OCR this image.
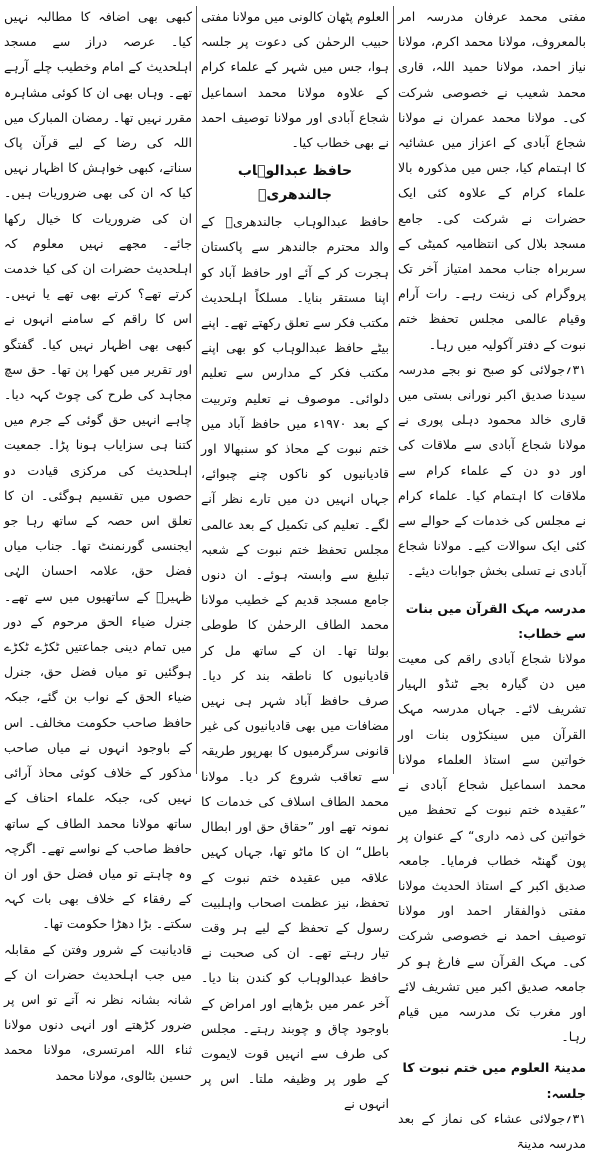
مفتی محمد عرفان مدرسہ امر بالمعروف، مولانا محمد اکرم، مولانا نیاز احمد، مولانا حمید اللہ، قاری محمد شعیب نے خصوصی شرکت کی۔ مولانا محمد عمران نے مولانا شجاع آبادی کے اعزاز میں عشائیہ کا اہتمام کیا، جس میں مذکورہ بالا علماء کرام کے علاوہ کئی ایک حضرات نے شرکت کی۔ جامع مسجد بلال کی انتظامیہ کمیٹی کے سربراہ جناب محمد امتیاز آخر تک پروگرام کی زینت رہے۔ رات آرام وقیام عالمی مجلس تحفظ ختم نبوت کے دفتر آکولیہ میں رہا۔

۳۱؍جولائی کو صبح نو بجے مدرسہ سیدنا صدیق اکبر نورانی بستی میں قاری خالد محمود دہلی پوری نے مولانا شجاع آبادی سے ملاقات کی اور دو دن کے علماء کرام سے ملاقات کا اہتمام کیا۔ علماء کرام نے مجلس کی خدمات کے حوالے سے کئی ایک سوالات کیے۔ مولانا شجاع آبادی نے تسلی بخش جوابات دیئے۔

مدرسہ مہک القرآن میں بنات سے خطاب:

مولانا شجاع آبادی راقم کی معیت میں دن گیارہ بجے ٹنڈو الہیار تشریف لائے۔ جہاں مدرسہ مہک القرآن میں سینکڑوں بنات اور خواتین سے استاذ العلماء مولانا محمد اسماعیل شجاع آبادی نے ”عقیدہ ختم نبوت کے تحفظ میں خواتین کی ذمہ داری“ کے عنوان پر پون گھنٹہ خطاب فرمایا۔ جامعہ صدیق اکبر کے استاذ الحدیث مولانا مفتی ذوالفقار احمد اور مولانا توصیف احمد نے خصوصی شرکت کی۔ مہک القرآن سے فارغ ہو کر جامعہ صدیق اکبر میں تشریف لائے اور مغرب تک مدرسہ میں قیام رہا۔

مدینۃ العلوم میں ختم نبوت کا جلسہ:

۳۱؍جولائی عشاء کی نماز کے بعد مدرسہ مدینۃ

العلوم پٹھان کالونی میں مولانا مفتی حبیب الرحمٰن کی دعوت پر جلسہ ہوا، جس میں شہر کے علماء کرام کے علاوہ مولانا محمد اسماعیل شجاع آبادی اور مولانا توصیف احمد نے بھی خطاب کیا۔

حافظ عبدالوہاب جالندھریؒ

حافظ عبدالوہاب جالندھریؒ کے والد محترم جالندھر سے پاکستان ہجرت کر کے آئے اور حافظ آباد کو اپنا مستقر بنایا۔ مسلکاً اہلحدیث مکتب فکر سے تعلق رکھتے تھے۔ اپنے بیٹے حافظ عبدالوہاب کو بھی اپنے مکتب فکر کے مدارس سے تعلیم دلوائی۔ موصوف نے تعلیم وتربیت کے بعد ۱۹۷۰ء میں حافظ آباد میں ختم نبوت کے محاذ کو سنبھالا اور قادیانیوں کو ناکوں چنے چبوائے، جہاں انہیں دن میں تارے نظر آنے لگے۔ تعلیم کی تکمیل کے بعد عالمی مجلس تحفظ ختم نبوت کے شعبہ تبلیغ سے وابستہ ہوئے۔ ان دنوں جامع مسجد قدیم کے خطیب مولانا محمد الطاف الرحمٰن کا طوطی بولتا تھا۔ ان کے ساتھ مل کر قادیانیوں کا ناطقہ بند کر دیا۔ صرف حافظ آباد شہر ہی نہیں مضافات میں بھی قادیانیوں کی غیر قانونی سرگرمیوں کا بھرپور طریقہ سے تعاقب شروع کر دیا۔ مولانا محمد الطاف اسلاف کی خدمات کا نمونہ تھے اور ”حقاق حق اور ابطال باطل“ ان کا ماٹو تھا، جہاں کہیں علاقہ میں عقیدہ ختم نبوت کے تحفظ، نیز عظمت اصحاب واہلبیت رسول کے تحفظ کے لیے ہر وقت تیار رہتے تھے۔ ان کی صحبت نے حافظ عبدالوہاب کو کندن بنا دیا۔ آخر عمر میں بڑھاپے اور امراض کے باوجود چاق و چوبند رہتے۔ مجلس کی طرف سے انہیں قوت لایموت کے طور پر وظیفہ ملتا۔ اس پر انہوں نے

کبھی بھی اضافہ کا مطالبہ نہیں کیا۔ عرصہ دراز سے مسجد اہلحدیث کے امام وخطیب چلے آرہے تھے۔ وہاں بھی ان کا کوئی مشاہرہ مقرر نہیں تھا۔ رمضان المبارک میں اللہ کی رضا کے لیے قرآن پاک سناتے، کبھی خواہش کا اظہار نہیں کیا کہ ان کی بھی ضروریات ہیں۔ ان کی ضروریات کا خیال رکھا جائے۔ مجھے نہیں معلوم کہ اہلحدیث حضرات ان کی کیا خدمت کرتے تھے؟ کرتے بھی تھے یا نہیں۔ اس کا راقم کے سامنے انہوں نے کبھی بھی اظہار نہیں کیا۔ گفتگو اور تقریر میں کھرا پن تھا۔ حق سچ مجاہد کی طرح کی چوٹ کہہ دیا۔ چاہے انہیں حق گوئی کے جرم میں کتنا ہی سزایاب ہونا پڑا۔ جمعیت اہلحدیث کی مرکزی قیادت دو حصوں میں تقسیم ہوگئی۔ ان کا تعلق اس حصہ کے ساتھ رہا جو ایجنسی گورنمنٹ تھا۔ جناب میاں فضل حق، علامہ احسان الہٰی ظہیرؒ کے ساتھیوں میں سے تھے۔ جنرل ضیاء الحق مرحوم کے دور میں تمام دینی جماعتیں ٹکڑے ٹکڑے ہوگئیں تو میاں فضل حق، جنرل ضیاء الحق کے نواب بن گئے، جبکہ حافظ صاحب حکومت مخالف۔ اس کے باوجود انہوں نے میاں صاحب مذکور کے خلاف کوئی محاذ آرائی نہیں کی، جبکہ علماء احناف کے ساتھ مولانا محمد الطاف کے ساتھ حافظ صاحب کے نواسے تھے۔ اگرچہ وہ چاہتے تو میاں فضل حق اور ان کے رفقاء کے خلاف بھی بات کہہ سکتے۔ بڑا دھڑا حکومت تھا۔

قادیانیت کے شرور وفتن کے مقابلہ میں جب اہلحدیث حضرات ان کے شانہ بشانہ نظر نہ آتے تو اس پر ضرور کڑھتے اور انہی دنوں مولانا ثناء اللہ امرتسری، مولانا محمد حسین بٹالوی، مولانا محمد
